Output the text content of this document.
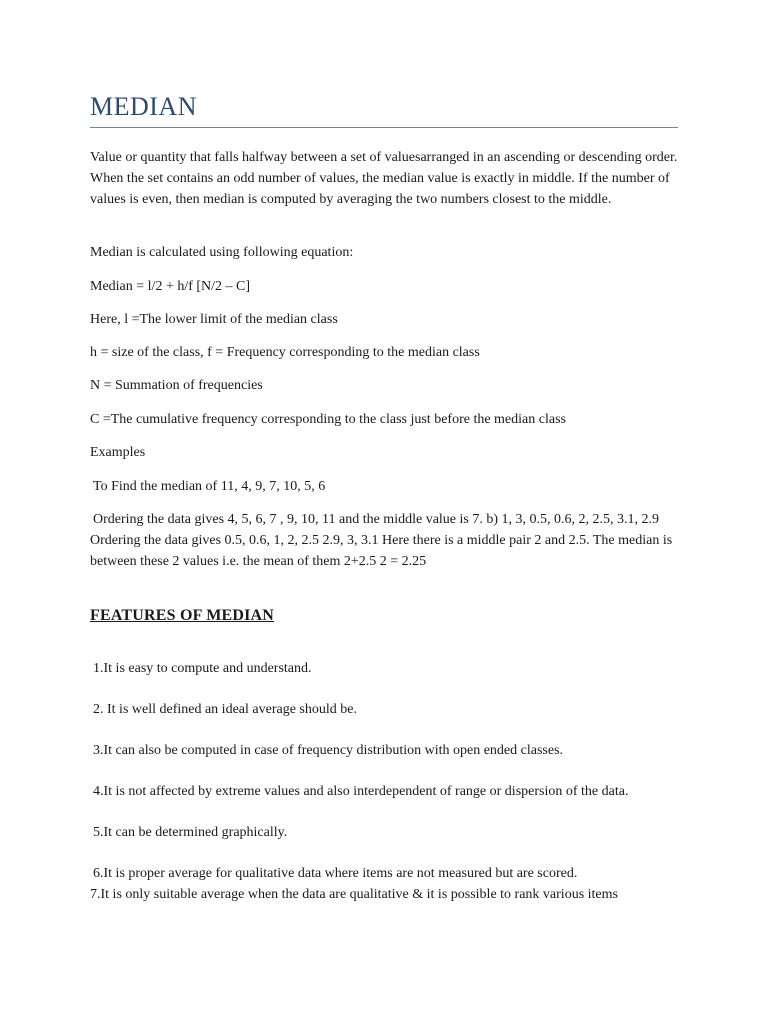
MEDIAN

Value or quantity that falls halfway between a set of valuesarranged in an ascending or descending order. When the set contains an odd number of values, the median value is exactly in middle. If the number of values is even, then median is computed by averaging the two numbers closest to the middle.

Median is calculated using following equation:

Median = l/2 + h/f [N/2 – C]

Here, l =The lower limit of the median class

h = size of the class, f = Frequency corresponding to the median class

N = Summation of frequencies

C =The cumulative frequency corresponding to the class just before the median class

Examples

To Find the median of 11, 4, 9, 7, 10, 5, 6

Ordering the data gives 4, 5, 6, 7 , 9, 10, 11 and the middle value is 7. b) 1, 3, 0.5, 0.6, 2, 2.5, 3.1, 2.9 Ordering the data gives 0.5, 0.6, 1, 2, 2.5 2.9, 3, 3.1 Here there is a middle pair 2 and 2.5. The median is between these 2 values i.e. the mean of them 2+2.5 2 = 2.25

FEATURES OF MEDIAN

1.It is easy to compute and understand.

2. It is well defined an ideal average should be.

3.It can also be computed in case of frequency distribution with open ended classes.

4.It is not affected by extreme values and also interdependent of range or dispersion of the data.

5.It can be determined graphically.

6.It is proper average for qualitative data where items are not measured but are scored.

7.It is only suitable average when the data are qualitative & it is possible to rank various items
